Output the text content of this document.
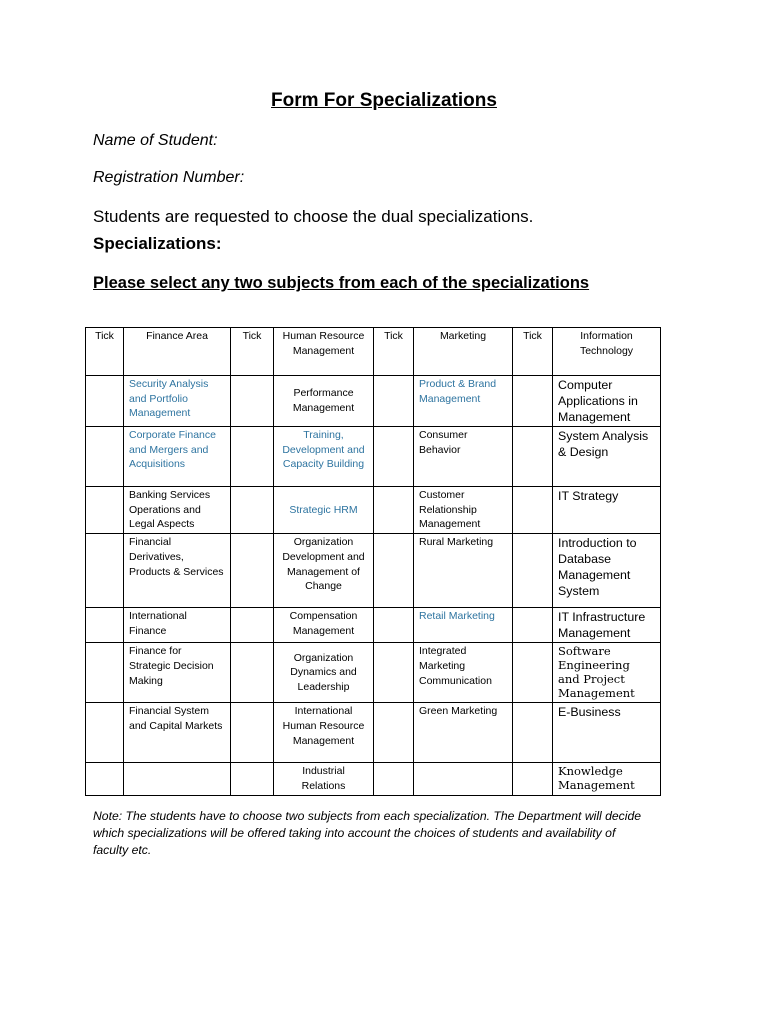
Form For Specializations
Name of Student:
Registration Number:
Students are requested to choose the dual specializations.
Specializations:
Please select any two subjects from each of the specializations
Tick	Finance Area	Tick	Human Resource Management	Tick	Marketing	Tick	Information Technology
	Security Analysis and Portfolio Management		Performance Management		Product & Brand Management		Computer Applications in Management
	Corporate Finance and Mergers and Acquisitions		Training, Development and Capacity Building		Consumer Behavior		System Analysis & Design
	Banking Services Operations and Legal Aspects		Strategic HRM		Customer Relationship Management		IT Strategy
	Financial Derivatives, Products & Services		Organization Development and Management of Change		Rural Marketing		Introduction to Database Management System
	International Finance		Compensation Management		Retail Marketing		IT Infrastructure Management
	Finance for Strategic Decision Making		Organization Dynamics and Leadership		Integrated Marketing Communication		Software Engineering and Project Management
	Financial System and Capital Markets		International Human Resource Management		Green Marketing		E-Business
			Industrial Relations				Knowledge Management
Note: The students have to choose two subjects from each specialization. The Department will decide which specializations will be offered taking into account the choices of students and availability of faculty etc.
